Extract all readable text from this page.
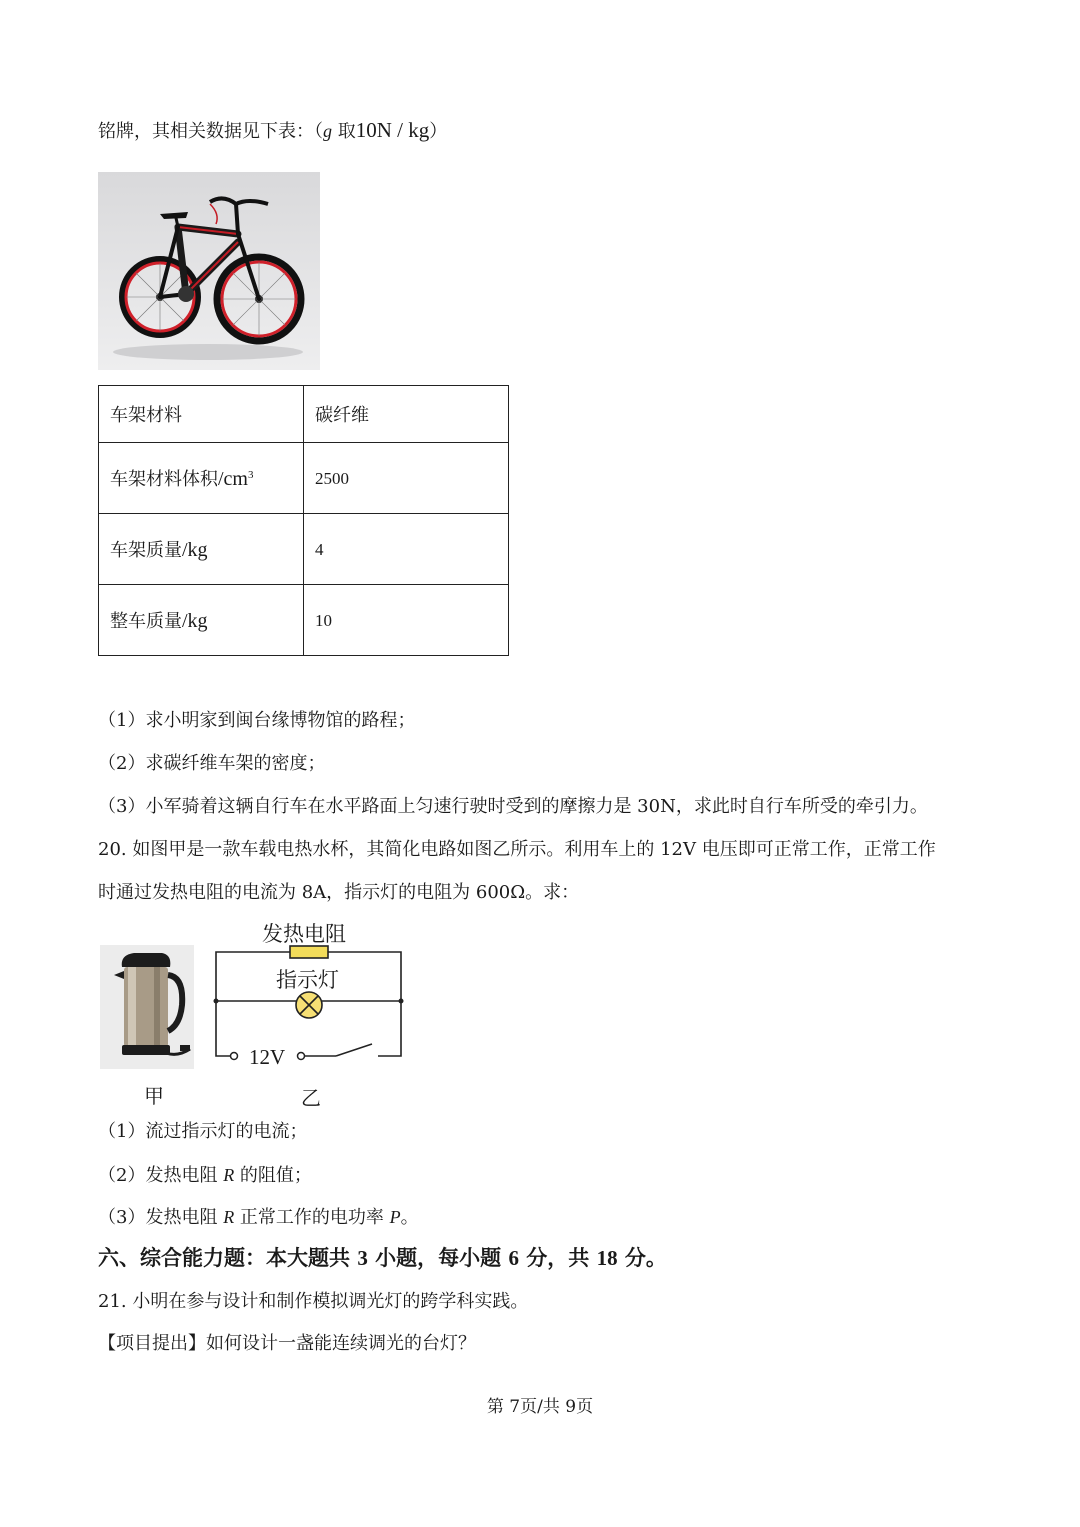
铭牌，其相关数据见下表：（g 取10N / kg）
车架材料	碳纤维
车架材料体积$/cm^3$	2500
车架质量/kg	4
整车质量/kg	10
（1）求小明家到闽台缘博物馆的路程；
（2）求碳纤维车架的密度；
（3）小军骑着这辆自行车在水平路面上匀速行驶时受到的摩擦力是 30N，求此时自行车所受的牵引力。
20. 如图甲是一款车载电热水杯，其简化电路如图乙所示。利用车上的 12V 电压即可正常工作，正常工作
时通过发热电阻的电流为 8A，指示灯的电阻为 600Ω。求：
甲
发热电阻
指示灯
12V
乙
（1）流过指示灯的电流；
（2）发热电阻 R 的阻值；
（3）发热电阻 R 正常工作的电功率 P。
六、综合能力题：本大题共 3 小题，每小题 6 分，共 18 分。
21. 小明在参与设计和制作模拟调光灯的跨学科实践。
【项目提出】如何设计一盏能连续调光的台灯？
第 7页/共 9页
